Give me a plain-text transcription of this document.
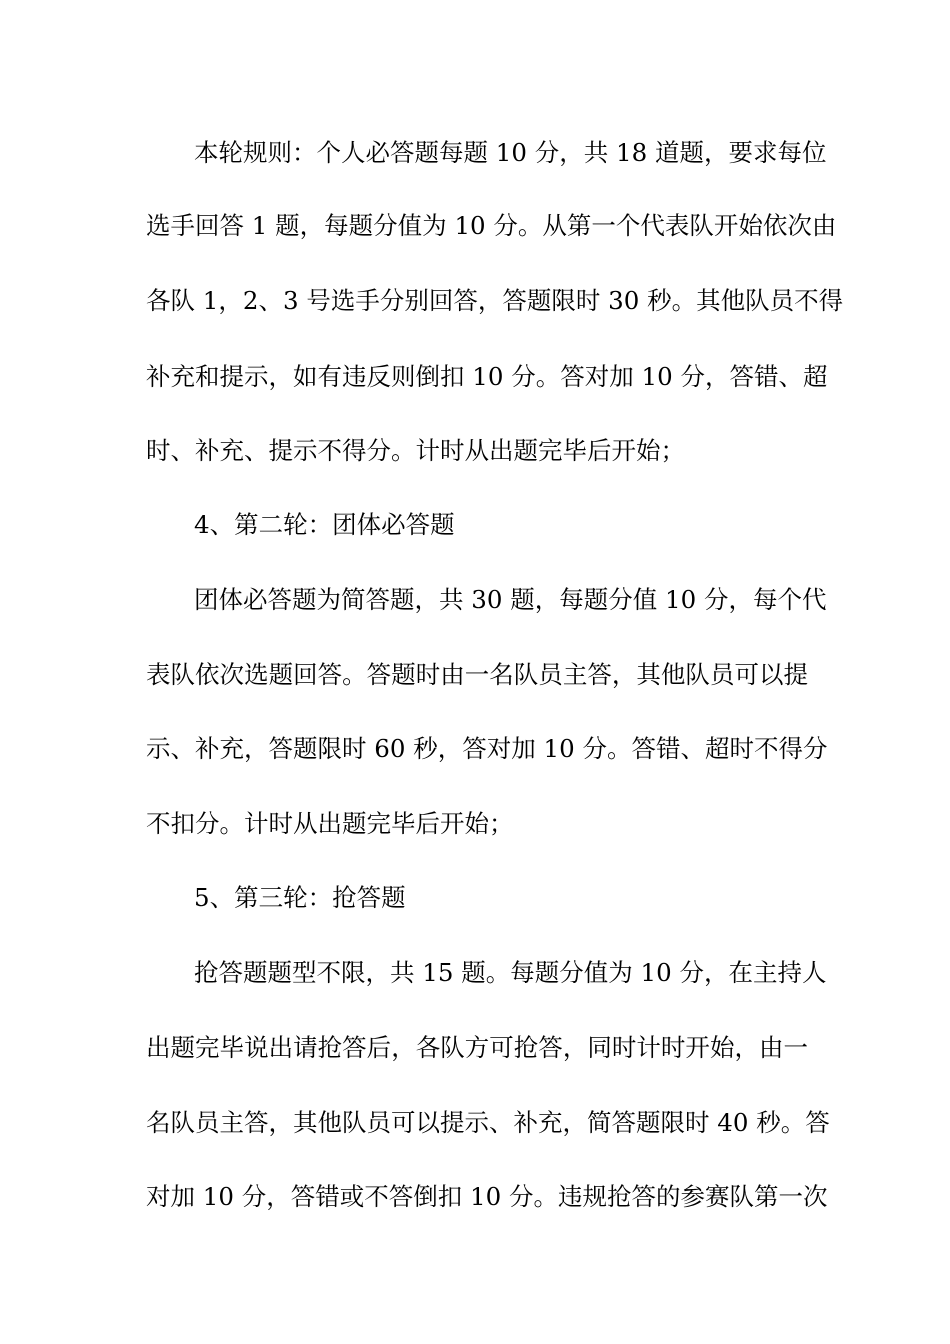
本轮规则：个人必答题每题 10 分，共 18 道题，要求每位
选手回答 1 题，每题分值为 10 分。从第一个代表队开始依次由
各队 1，2、3 号选手分别回答，答题限时 30 秒。其他队员不得
补充和提示，如有违反则倒扣 10 分。答对加 10 分，答错、超
时、补充、提示不得分。计时从出题完毕后开始；
4、第二轮：团体必答题
团体必答题为简答题，共 30 题，每题分值 10 分，每个代
表队依次选题回答。答题时由一名队员主答，其他队员可以提
示、补充，答题限时 60 秒，答对加 10 分。答错、超时不得分
不扣分。计时从出题完毕后开始；
5、第三轮：抢答题
抢答题题型不限，共 15 题。每题分值为 10 分，在主持人
出题完毕说出请抢答后，各队方可抢答，同时计时开始，由一
名队员主答，其他队员可以提示、补充，简答题限时 40 秒。答
对加 10 分，答错或不答倒扣 10 分。违规抢答的参赛队第一次
